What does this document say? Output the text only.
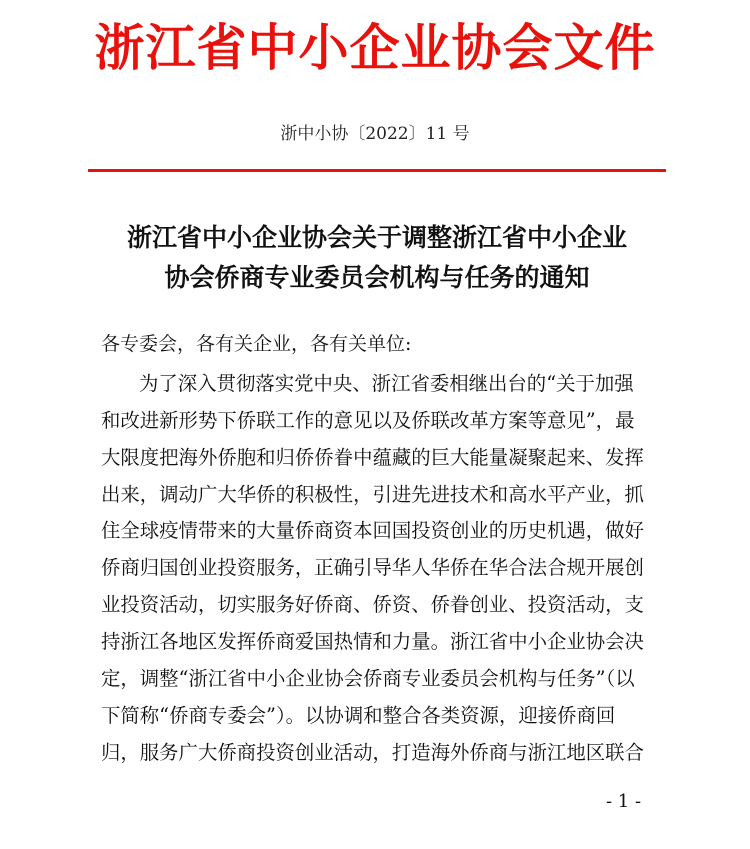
浙江省中小企业协会文件
浙中小协〔2022〕11 号
浙江省中小企业协会关于调整浙江省中小企业
协会侨商专业委员会机构与任务的通知
各专委会，各有关企业，各有关单位:
为了深入贯彻落实党中央、浙江省委相继出台的“关于加强
和改进新形势下侨联工作的意见以及侨联改革方案等意见”，最
大限度把海外侨胞和归侨侨眷中蕴藏的巨大能量凝聚起来、发挥
出来，调动广大华侨的积极性，引进先进技术和高水平产业，抓
住全球疫情带来的大量侨商资本回国投资创业的历史机遇，做好
侨商归国创业投资服务，正确引导华人华侨在华合法合规开展创
业投资活动，切实服务好侨商、侨资、侨眷创业、投资活动，支
持浙江各地区发挥侨商爱国热情和力量。浙江省中小企业协会决
定，调整“浙江省中小企业协会侨商专业委员会机构与任务”（以
下简称“侨商专委会”）。以协调和整合各类资源，迎接侨商回
归，服务广大侨商投资创业活动，打造海外侨商与浙江地区联合
- 1 -
